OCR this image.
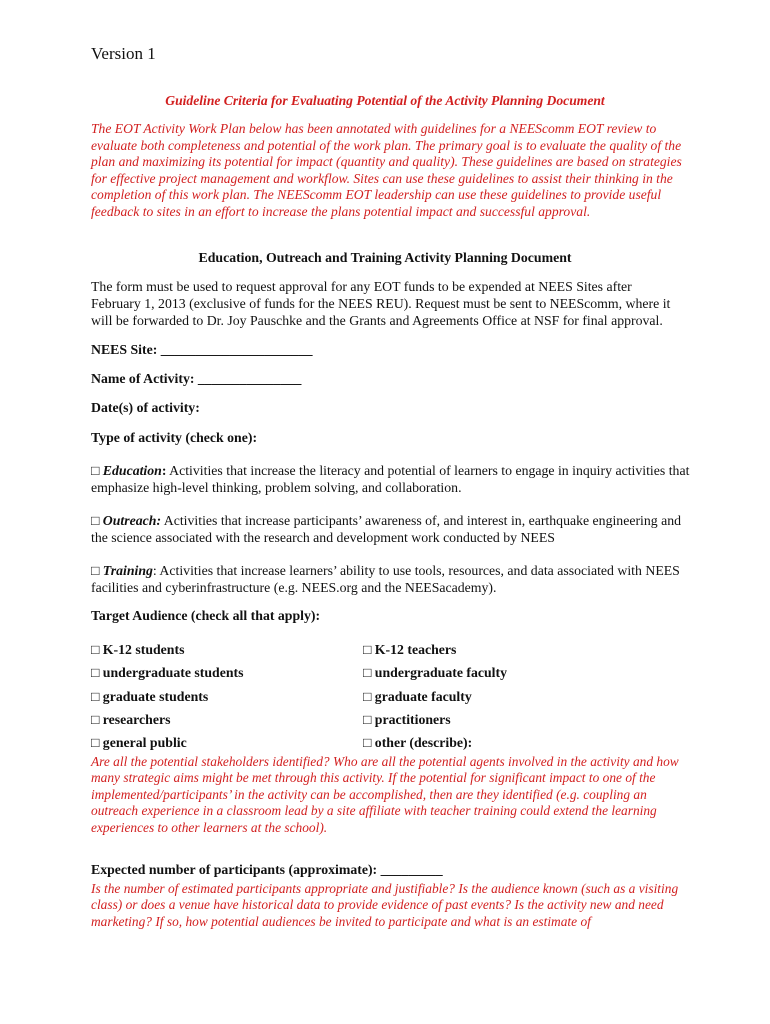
Version 1
Guideline Criteria for Evaluating Potential of the Activity Planning Document
The EOT Activity Work Plan below has been annotated with guidelines for a NEEScomm EOT review to evaluate both completeness and potential of the work plan. The primary goal is to evaluate the quality of the plan and maximizing its potential for impact (quantity and quality). These guidelines are based on strategies for effective project management and workflow. Sites can use these guidelines to assist their thinking in the completion of this work plan. The NEEScomm EOT leadership can use these guidelines to provide useful feedback to sites in an effort to increase the plans potential impact and successful approval.
Education, Outreach and Training Activity Planning Document
The form must be used to request approval for any EOT funds to be expended at NEES Sites after February 1, 2013 (exclusive of funds for the NEES REU). Request must be sent to NEEScomm, where it will be forwarded to Dr. Joy Pauschke and the Grants and Agreements Office at NSF for final approval.
NEES Site: ______________________
Name of Activity: _______________
Date(s) of activity:
Type of activity (check one):
□ Education: Activities that increase the literacy and potential of learners to engage in inquiry activities that emphasize high-level thinking, problem solving, and collaboration.
□ Outreach: Activities that increase participants’ awareness of, and interest in, earthquake engineering and the science associated with the research and development work conducted by NEES
□ Training: Activities that increase learners’ ability to use tools, resources, and data associated with NEES facilities and cyberinfrastructure (e.g. NEES.org and the NEESacademy).
Target Audience (check all that apply):
□ K-12 students
□ undergraduate students
□ graduate students
□ researchers
□ general public
□ K-12 teachers
□ undergraduate faculty
□ graduate faculty
□ practitioners
□ other (describe):
Are all the potential stakeholders identified? Who are all the potential agents involved in the activity and how many strategic aims might be met through this activity. If the potential for significant impact to one of the implemented/participants’ in the activity can be accomplished, then are they identified (e.g. coupling an outreach experience in a classroom lead by a site affiliate with teacher training could extend the learning experiences to other learners at the school).
Expected number of participants (approximate): _________
Is the number of estimated participants appropriate and justifiable? Is the audience known (such as a visiting class) or does a venue have historical data to provide evidence of past events? Is the activity new and need marketing? If so, how potential audiences be invited to participate and what is an estimate of
